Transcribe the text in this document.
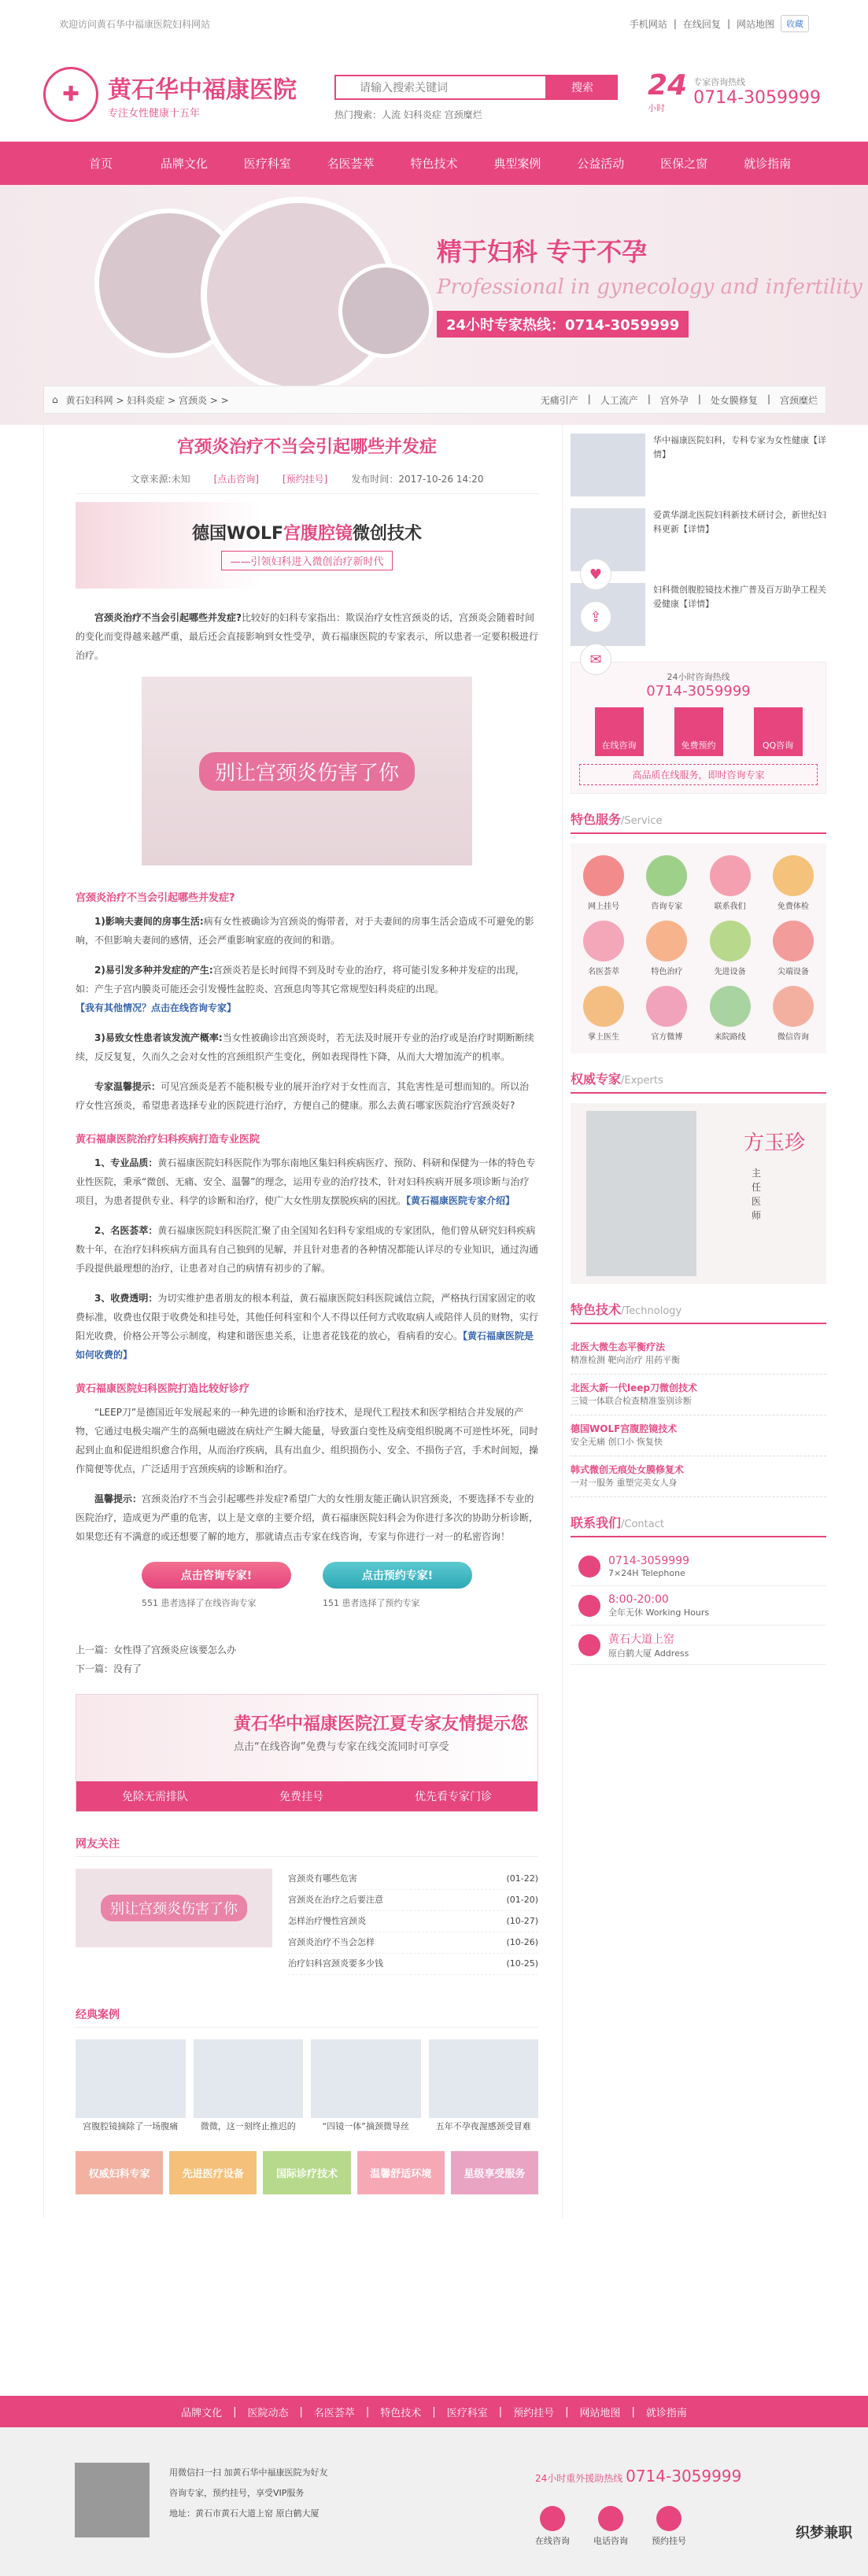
欢迎访问黄石华中福康医院妇科网站	手机网站 | 在线回复 | 网站地图	收藏
✚	黄石华中福康医院
专注女性健康十五年
请输入搜索关键词
搜索
热门搜索：人流 妇科炎症 宫颈糜烂
24
小时
专家咨询热线
0714-3059999
首页	品牌文化	医疗科室	名医荟萃	特色技术	典型案例	公益活动	医保之窗	就诊指南
精于妇科 专于不孕
Professional in gynecology and infertility
24小时专家热线：0714-3059999
⌂ 黄石妇科网 > 妇科炎症 > 宫颈炎 > >	无痛引产 | 人工流产 | 宫外孕 | 处女膜修复 | 宫颈糜烂
宫颈炎治疗不当会引起哪些并发症
文章来源:未知	[点击咨询]	[预约挂号]	发布时间：2017-10-26 14:20
德国WOLF宫腹腔镜微创技术
——引领妇科进入微创治疗新时代

宫颈炎治疗不当会引起哪些并发症?比较好的妇科专家指出：欺误治疗女性宫颈炎的话，宫颈炎会随着时间的变化而变得越来越严重，最后还会直接影响到女性受孕，黄石福康医院的专家表示，所以患者一定要积极进行治疗。

别让宫颈炎伤害了你
宫颈炎治疗不当会引起哪些并发症?

1)影响夫妻间的房事生活:病有女性被确诊为宫颈炎的悔带者，对于夫妻间的房事生活会造成不可避免的影响，不但影响夫妻间的感情，还会严重影响家庭的夜间的和谐。

2)易引发多种并发症的产生:宫颈炎若是长时间得不到及时专业的治疗，将可能引发多种并发症的出现，如：产生子宫内膜炎可能还会引发慢性盆腔炎、宫颈息肉等其它常规型妇科炎症的出现。
【我有其他情况？点击在线咨询专家】

3)易致女性患者该发流产概率:当女性被确诊出宫颈炎时，若无法及时展开专业的治疗或是治疗时期断断续续，反反复复，久而久之会对女性的宫颈组织产生变化，例如表现得性下降，从而大大增加流产的机率。

专家温馨提示：可见宫颈炎是若不能积极专业的展开治疗对于女性而言，其危害性是可想而知的。所以治疗女性宫颈炎，希望患者选择专业的医院进行治疗，方便自己的健康。那么去黄石哪家医院治疗宫颈炎好?

黄石福康医院治疗妇科疾病打造专业医院

1、专业品质：黄石福康医院妇科医院作为鄂东南地区集妇科疾病医疗、预防、科研和保健为一体的特色专业性医院，秉承“微创、无痛、安全、温馨”的理念，运用专业的治疗技术，针对妇科疾病开展多项诊断与治疗项目，为患者提供专业、科学的诊断和治疗，使广大女性朋友摆脱疾病的困扰。【黄石福康医院专家介绍】

2、名医荟萃：黄石福康医院妇科医院汇聚了由全国知名妇科专家组成的专家团队，他们曾从研究妇科疾病数十年，在治疗妇科疾病方面具有自己独到的见解，并且针对患者的各种情况都能认详尽的专业知识，通过沟通手段提供最理想的治疗，让患者对自己的病情有初步的了解。

3、收费透明：为切实维护患者朋友的根本利益，黄石福康医院妇科医院诚信立院，严格执行国家固定的收费标准，收费也仅限于收费处和挂号处，其他任何科室和个人不得以任何方式收取病人或陪伴人员的财物，实行阳光收费，价格公开等公示制度，构建和谐医患关系，让患者花钱花的放心，看病看的安心。【黄石福康医院是如何收费的】

黄石福康医院妇科医院打造比较好诊疗

“LEEP刀”是德国近年发展起来的一种先进的诊断和治疗技术，是现代工程技术和医学相结合并发展的产物，它通过电极尖端产生的高频电磁波在病灶产生瞬大能量，导致蛋白变性及病变组织脱离不可逆性坏死，同时起到止血和促进组织愈合作用，从而治疗疾病，具有出血少、组织损伤小、安全、不损伤子宫，手术时间短，操作简便等优点，广泛适用于宫颈疾病的诊断和治疗。

温馨提示：宫颈炎治疗不当会引起哪些并发症?希望广大的女性朋友能正确认识宫颈炎，不要选择不专业的医院治疗，造成更为严重的危害，以上是文章的主要介绍，黄石福康医院妇科会为你进行多次的协助分析诊断，如果您还有不满意的或还想要了解的地方，那就请点击专家在线咨询，专家与你进行一对一的私密咨询！

点击咨询专家!	点击预约专家!
551 患者选择了在线咨询专家	151 患者选择了预约专家
上一篇：女性得了宫颈炎应该要怎么办
下一篇：没有了
黄石华中福康医院江夏专家友情提示您
点击“在线咨询”免费与专家在线交流同时可享受
免除无需排队	免费挂号	优先看专家门诊
网友关注
别让宫颈炎伤害了你
宫颈炎有哪些危害	(01-22)
宫颈炎在治疗之后要注意	(01-20)
怎样治疗慢性宫颈炎	(10-27)
宫颈炎治疗不当会怎样	(10-26)
治疗妇科宫颈炎要多少钱	(10-25)
经典案例
宫腹腔镜摘除了一场腹痛	微微，这一刻终止推迟的	“四镜一体”摘颈微导丝	五年不孕夜渥感颈受冒难
权威妇科专家	先进医疗设备	国际诊疗技术	温馨舒适环境	星级享受服务
华中福康医院妇科，专科专家为女性健康【详情】
爱黄华湖北医院妇科新技术研讨会，新世纪妇科更新【详情】
妇科微创腹腔镜技术推广普及百万助孕工程关爱健康【详情】
24小时咨询热线
0714-3059999
在线咨询	免费预约	QQ咨询
高品质在线服务，即时咨询专家
特色服务/Service
网上挂号	咨询专家	联系我们	免费体检
名医荟萃	特色治疗	先进设备	尖端设备
掌上医生	官方微博	来院路线	微信咨询
权威专家/Experts
方玉珍
主任医师
特色技术/Technology
北医大微生态平衡疗法

精准检测 靶向治疗 用药平衡

北医大新一代leep刀微创技术

三镜一体联合检查精准鉴别诊断

德国WOLF宫腹腔镜技术

安全无痛 创口小 恢复快

韩式微创无痕处女膜修复术

一对一服务 重塑完美女人身

联系我们/Contact
0714-3059999
7×24H Telephone
8:00-20:00
全年无休 Working Hours
黄石大道上窑
原白鹤大厦 Address
♥
⇪
✉
品牌文化 | 医院动态 | 名医荟萃 | 特色技术 | 医疗科室 | 预约挂号 | 网站地图 | 就诊指南
用微信扫一扫 加黄石华中福康医院为好友
咨询专家，预约挂号，享受VIP服务
地址：黄石市黄石大道上窑 原白鹤大厦
24小时重外援助热线 0714-3059999
在线咨询	电话咨询	预约挂号	织梦兼职
